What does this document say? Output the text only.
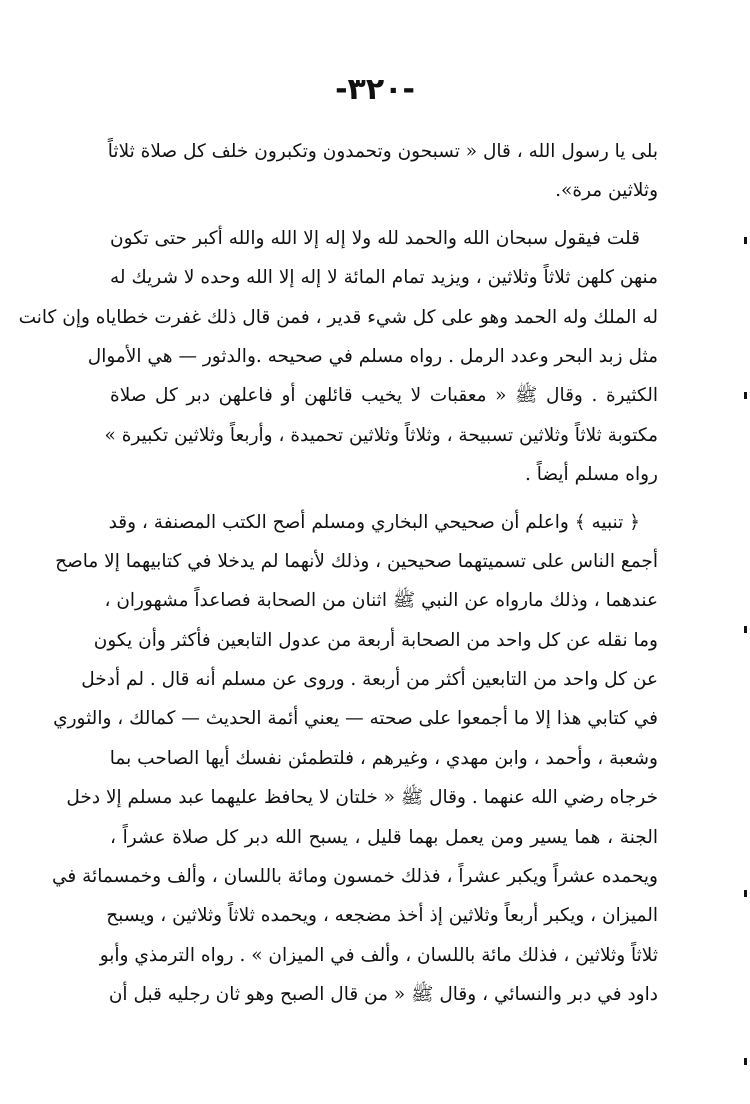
-٣٢٠-
بلى يا رسول الله ، قال « تسبحون وتحمدون وتكبرون خلف كل صلاة ثلاثاً
وثلاثين مرة».
قلت فيقول سبحان الله والحمد لله ولا إله إلا الله والله أكبر حتى تكون
منهن كلهن ثلاثاً وثلاثين ، ويزيد تمام المائة لا إله إلا الله وحده لا شريك له
له الملك وله الحمد وهو على كل شيء قدير ، فمن قال ذلك غفرت خطاياه وإن كانت
مثل زبد البحر وعدد الرمل . رواه مسلم في صحيحه .والدثور — هي الأموال
الكثيرة . وقال ﷺ « معقبات لا يخيب قائلهن أو فاعلهن دبر كل صلاة
مكتوبة ثلاثاً وثلاثين تسبيحة ، وثلاثاً وثلاثين تحميدة ، وأربعاً وثلاثين تكبيرة »
رواه مسلم أيضاً .
﴿ تنبيه ﴾ واعلم أن صحيحي البخاري ومسلم أصح الكتب المصنفة ، وقد
أجمع الناس على تسميتهما صحيحين ، وذلك لأنهما لم يدخلا في كتابيهما إلا ماصح
عندهما ، وذلك مارواه عن النبي ﷺ اثنان من الصحابة فصاعداً مشهوران ،
وما نقله عن كل واحد من الصحابة أربعة من عدول التابعين فأكثر وأن يكون
عن كل واحد من التابعين أكثر من أربعة . وروى عن مسلم أنه قال . لم أدخل
في كتابي هذا إلا ما أجمعوا على صحته — يعني أئمة الحديث — كمالك ، والثوري
وشعبة ، وأحمد ، وابن مهدي ، وغيرهم ، فلتطمئن نفسك أيها الصاحب بما
خرجاه رضي الله عنهما . وقال ﷺ « خلتان لا يحافظ عليهما عبد مسلم إلا دخل
الجنة ، هما يسير ومن يعمل بهما قليل ، يسبح الله دبر كل صلاة عشراً ،
ويحمده عشراً ويكبر عشراً ، فذلك خمسون ومائة باللسان ، وألف وخمسمائة في
الميزان ، ويكبر أربعاً وثلاثين إذ أخذ مضجعه ، ويحمده ثلاثاً وثلاثين ، ويسبح
ثلاثاً وثلاثين ، فذلك مائة باللسان ، وألف في الميزان » . رواه الترمذي وأبو
داود في دبر والنسائي ، وقال ﷺ « من قال الصبح وهو ثان رجليه قبل أن
